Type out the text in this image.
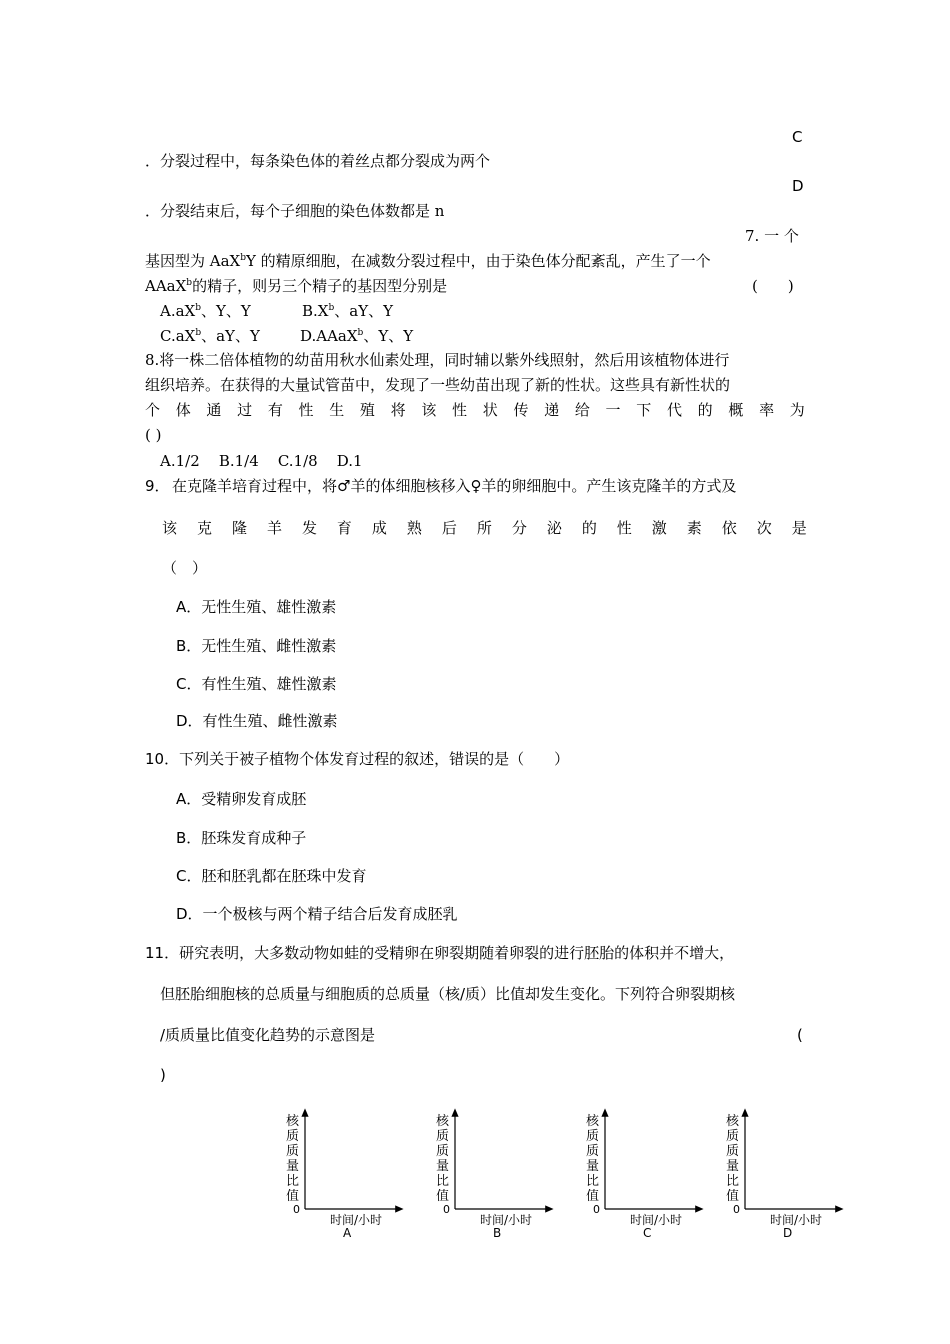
C
．分裂过程中，每条染色体的着丝点都分裂成为两个
D
．分裂结束后，每个子细胞的染色体数都是 n
7. 一 个
基因型为 AaX$^b$Y 的精原细胞，在减数分裂过程中，由于染色体分配紊乱，产生了一个
AAaX$^b$的精子，则另三个精子的基因型分别是	(　　)
$A.aX^b$、Y、Y	$B.X^b$、aY、Y
$C.aX^b$、aY、Y	D.AAaX$^b$、Y、Y
8.将一株二倍体植物的幼苗用秋水仙素处理，同时辅以紫外线照射，然后用该植物体进行
组织培养。在获得的大量试管苗中，发现了一些幼苗出现了新的性状。这些具有新性状的
个 体 通 过 有 性 生 殖 将 该 性 状 传 递 给 一 下 代 的 概 率 为
( )
A.1/2    B.1/4    C.1/8    D.1
9． 在克隆羊培育过程中，将♂羊的体细胞核移入♀羊的卵细胞中。产生该克隆羊的方式及
该 克 隆 羊 发 育 成 熟 后 所 分 泌 的 性 激 素 依 次 是
（　）
A．无性生殖、雄性激素
B．无性生殖、雌性激素
C．有性生殖、雄性激素
D．有性生殖、雌性激素
10．下列关于被子植物个体发育过程的叙述，错误的是（　　）
A．受精卵发育成胚
B．胚珠发育成种子
C．胚和胚乳都在胚珠中发育
D．一个极核与两个精子结合后发育成胚乳
11．研究表明，大多数动物如蛙的受精卵在卵裂期随着卵裂的进行胚胎的体积并不增大，
但胚胎细胞核的总质量与细胞质的总质量（核/质）比值却发生变化。下列符合卵裂期核
/质质量比值变化趋势的示意图是	(
)
核
质
质
量
比
值
0
时间/小时
A
核
质
质
量
比
值
0
时间/小时
B
核
质
质
量
比
值
0
时间/小时
C
核
质
质
量
比
值
0
时间/小时
D
